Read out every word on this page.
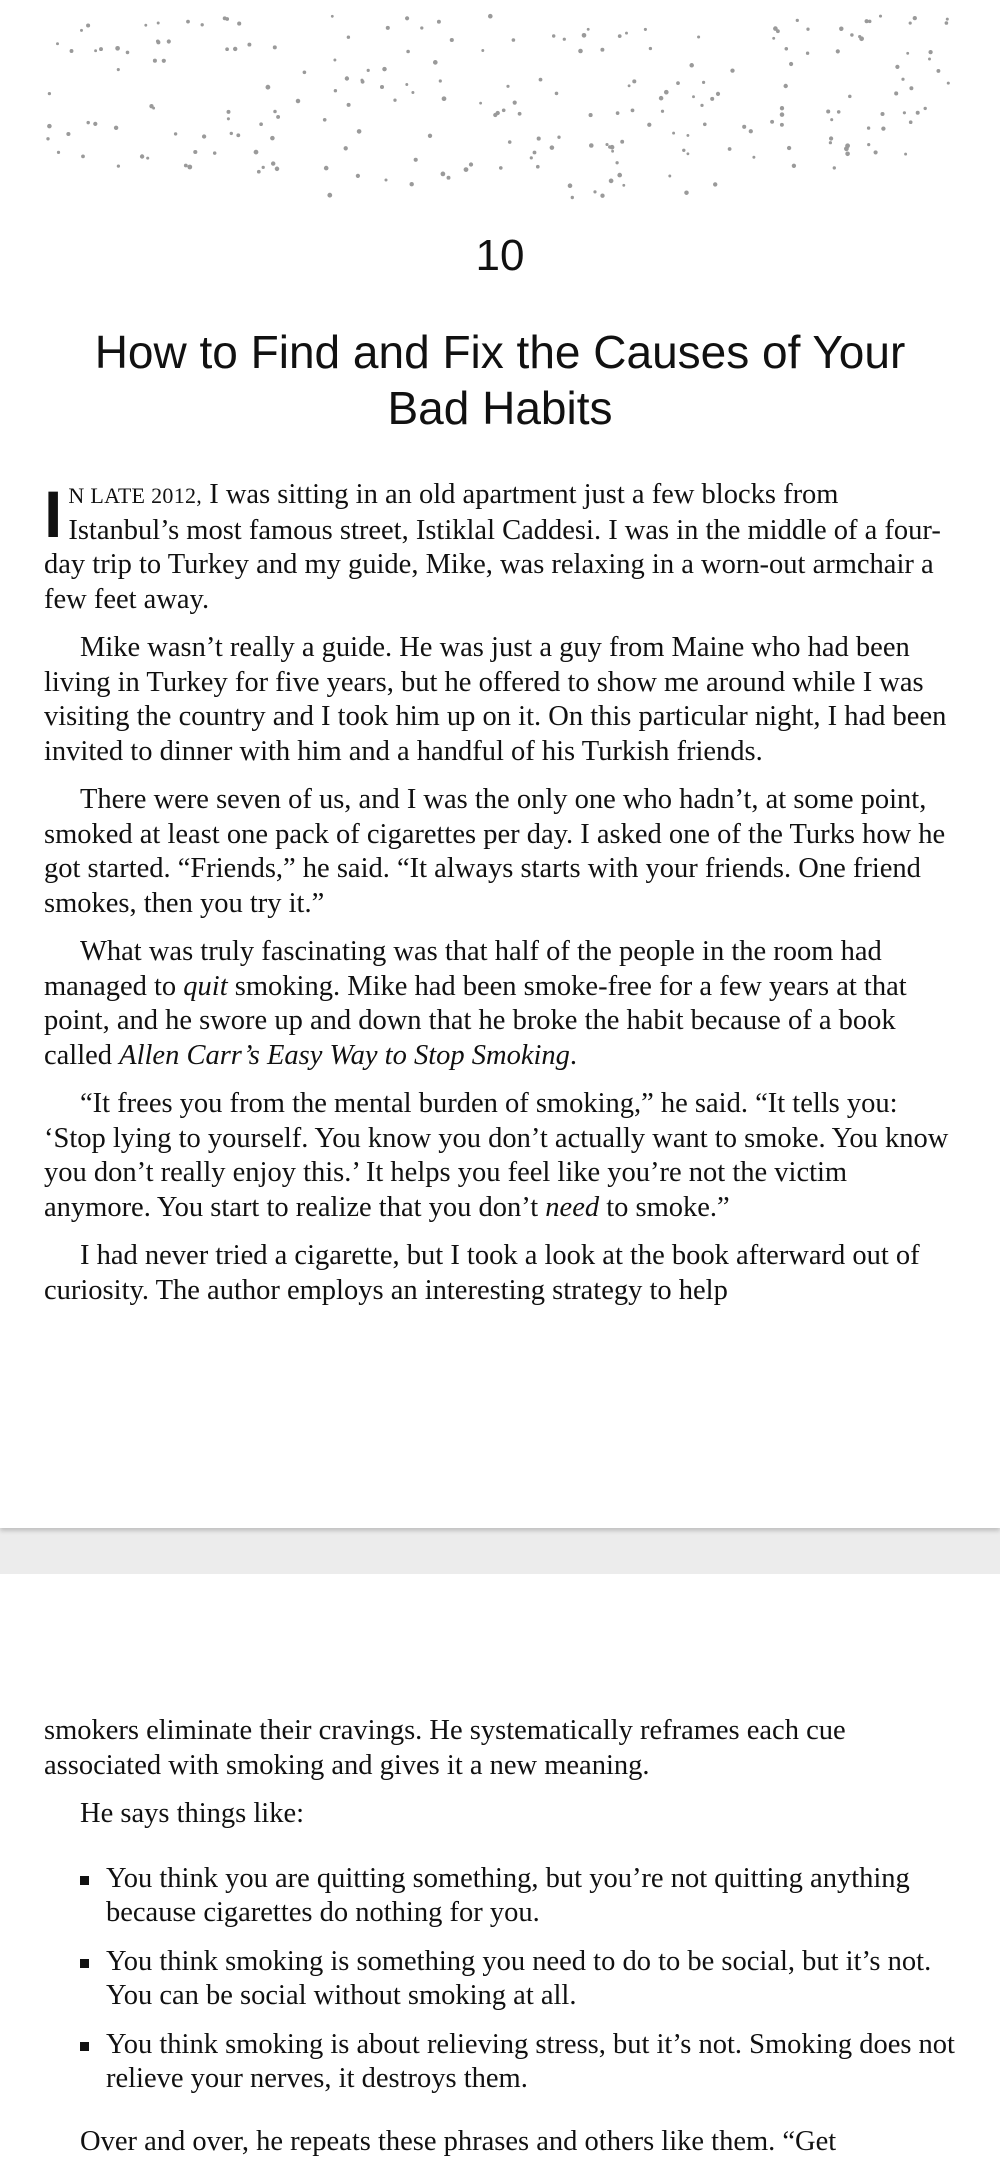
10
How to Find and Fix the Causes of Your Bad Habits

I N LATE 2012, I was sitting in an old apartment just a few blocks from Istanbul’s most famous street, Istiklal Caddesi. I was in the middle of a four-day trip to Turkey and my guide, Mike, was relaxing in a worn-out armchair a few feet away.

Mike wasn’t really a guide. He was just a guy from Maine who had been living in Turkey for five years, but he offered to show me around while I was visiting the country and I took him up on it. On this particular night, I had been invited to dinner with him and a handful of his Turkish friends.

There were seven of us, and I was the only one who hadn’t, at some point, smoked at least one pack of cigarettes per day. I asked one of the Turks how he got started. “Friends,” he said. “It always starts with your friends. One friend smokes, then you try it.”

What was truly fascinating was that half of the people in the room had managed to quit smoking. Mike had been smoke-free for a few years at that point, and he swore up and down that he broke the habit because of a book called Allen Carr’s Easy Way to Stop Smoking.

“It frees you from the mental burden of smoking,” he said. “It tells you: ‘Stop lying to yourself. You know you don’t actually want to smoke. You know you don’t really enjoy this.’ It helps you feel like you’re not the victim anymore. You start to realize that you don’t need to smoke.”

I had never tried a cigarette, but I took a look at the book afterward out of curiosity. The author employs an interesting strategy to help

smokers eliminate their cravings. He systematically reframes each cue associated with smoking and gives it a new meaning.

He says things like:

You think you are quitting something, but you’re not quitting anything because cigarettes do nothing for you.
You think smoking is something you need to do to be social, but it’s not. You can be social without smoking at all.
You think smoking is about relieving stress, but it’s not. Smoking does not relieve your nerves, it destroys them.

Over and over, he repeats these phrases and others like them. “Get
